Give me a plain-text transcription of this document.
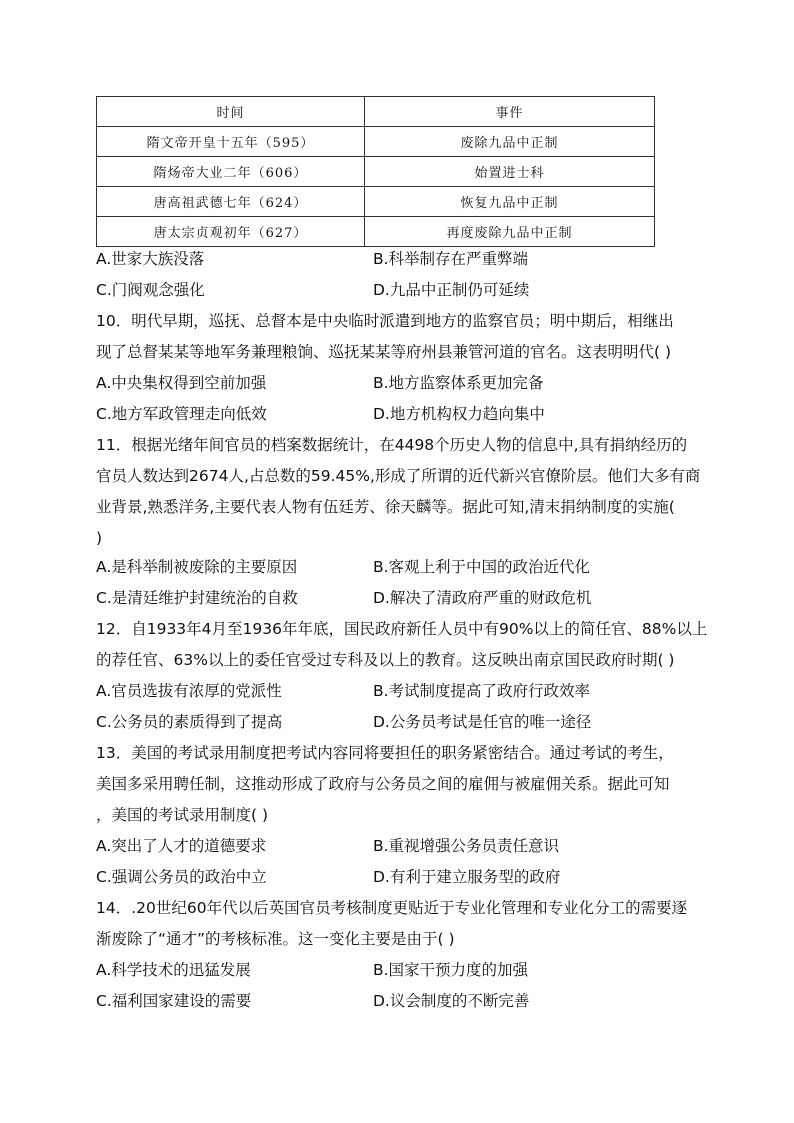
时间	事件
隋文帝开皇十五年（595）	废除九品中正制
隋炀帝大业二年（606）	始置进士科
唐高祖武德七年（624）	恢复九品中正制
唐太宗贞观初年（627）	再度废除九品中正制
A.世家大族没落	B.科举制存在严重弊端
C.门阀观念强化	D.九品中正制仍可延续
10．明代早期，巡抚、总督本是中央临时派遣到地方的监察官员；明中期后，相继出
现了总督某某等地军务兼理粮饷、巡抚某某等府州县兼管河道的官名。这表明明代( )
A.中央集权得到空前加强	B.地方监察体系更加完备
C.地方军政管理走向低效	D.地方机构权力趋向集中
11．根据光绪年间官员的档案数据统计，在4498个历史人物的信息中,具有捐纳经历的
官员人数达到2674人,占总数的59.45%,形成了所谓的近代新兴官僚阶层。他们大多有商
业背景,熟悉洋务,主要代表人物有伍廷芳、徐天麟等。据此可知,清末捐纳制度的实施(
)
A.是科举制被废除的主要原因	B.客观上利于中国的政治近代化
C.是清廷维护封建统治的自救	D.解决了清政府严重的财政危机
12．自1933年4月至1936年年底，国民政府新任人员中有90%以上的简任官、88%以上
的荐任官、63%以上的委任官受过专科及以上的教育。这反映出南京国民政府时期( )
A.官员选拔有浓厚的党派性	B.考试制度提高了政府行政效率
C.公务员的素质得到了提高	D.公务员考试是任官的唯一途径
13．美国的考试录用制度把考试内容同将要担任的职务紧密结合。通过考试的考生，
美国多采用聘任制，这推动形成了政府与公务员之间的雇佣与被雇佣关系。据此可知
，美国的考试录用制度( )
A.突出了人才的道德要求	B.重视增强公务员责任意识
C.强调公务员的政治中立	D.有利于建立服务型的政府
14．.20世纪60年代以后英国官员考核制度更贴近于专业化管理和专业化分工的需要逐
渐废除了“通才”的考核标准。这一变化主要是由于( )
A.科学技术的迅猛发展	B.国家干预力度的加强
C.福利国家建设的需要	D.议会制度的不断完善
